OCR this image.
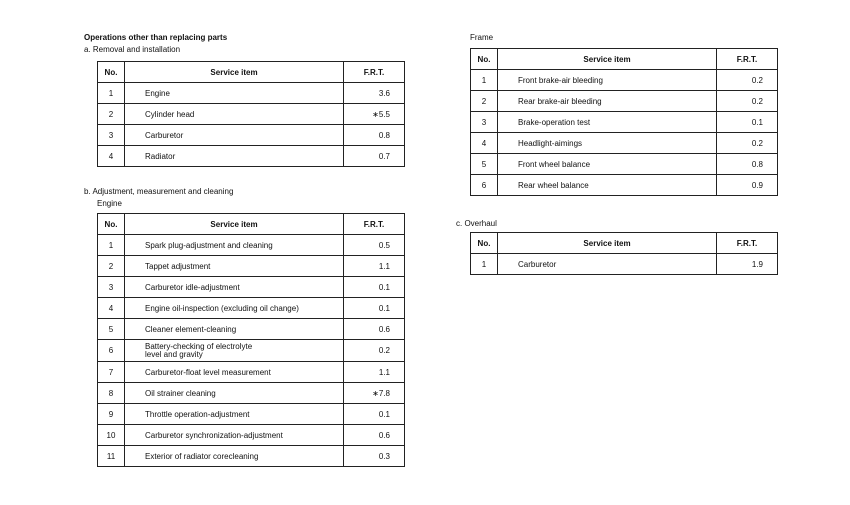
Operations other than replacing parts
a. Removal and installation
No.	Service item	F.R.T.
1	Engine	3.6
2	Cylinder head	∗5.5
3	Carburetor	0.8
4	Radiator	0.7
b. Adjustment, measurement and cleaning
Engine
No.	Service item	F.R.T.
1	Spark plug-adjustment and cleaning	0.5
2	Tappet adjustment	1.1
3	Carburetor idle-adjustment	0.1
4	Engine oil-inspection (excluding oil change)	0.1
5	Cleaner element-cleaning	0.6
6	Battery-checking of electrolyte level and gravity	0.2
7	Carburetor-float level measurement	1.1
8	Oil strainer cleaning	∗7.8
9	Throttle operation-adjustment	0.1
10	Carburetor synchronization-adjustment	0.6
11	Exterior of radiator corecleaning	0.3
Frame
No.	Service item	F.R.T.
1	Front brake-air bleeding	0.2
2	Rear brake-air bleeding	0.2
3	Brake-operation test	0.1
4	Headlight-aimings	0.2
5	Front wheel balance	0.8
6	Rear wheel balance	0.9
c. Overhaul
No.	Service item	F.R.T.
1	Carburetor	1.9
